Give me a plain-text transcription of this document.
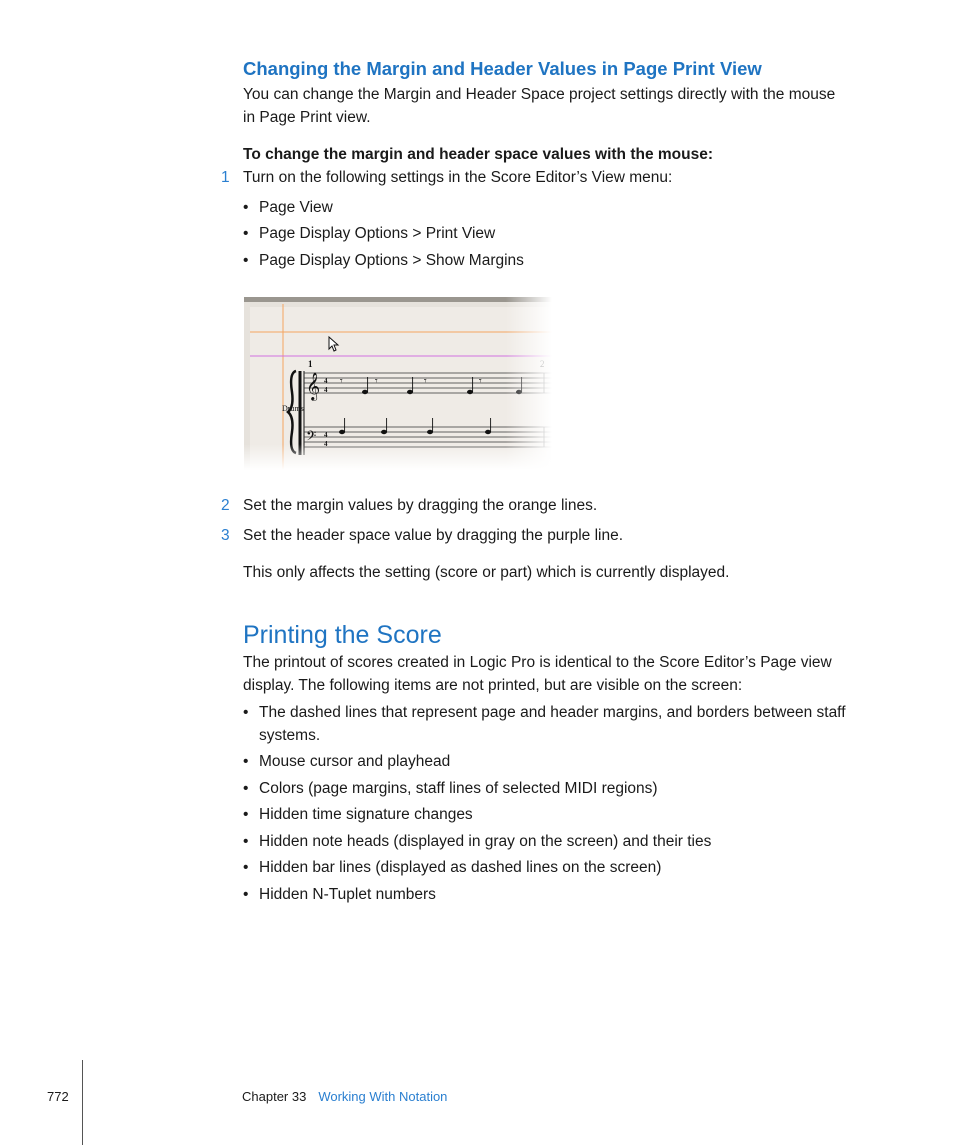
Changing the Margin and Header Values in Page Print View
You can change the Margin and Header Space project settings directly with the mouse
in Page Print view.
To change the margin and header space values with the mouse:
1 Turn on the following settings in the Score Editor’s View menu:
• Page View
• Page Display Options > Print View
• Page Display Options > Show Margins
2 Set the margin values by dragging the orange lines.
3 Set the header space value by dragging the purple line.
This only affects the setting (score or part) which is currently displayed.
Printing the Score
The printout of scores created in Logic Pro is identical to the Score Editor’s Page view
display. The following items are not printed, but are visible on the screen:
• The dashed lines that represent page and header margins, and borders between staff
systems.
• Mouse cursor and playhead
• Colors (page margins, staff lines of selected MIDI regions)
• Hidden time signature changes
• Hidden note heads (displayed in gray on the screen) and their ties
• Hidden bar lines (displayed as dashed lines on the screen)
• Hidden N-Tuplet numbers
772	Chapter 33 Working With Notation
